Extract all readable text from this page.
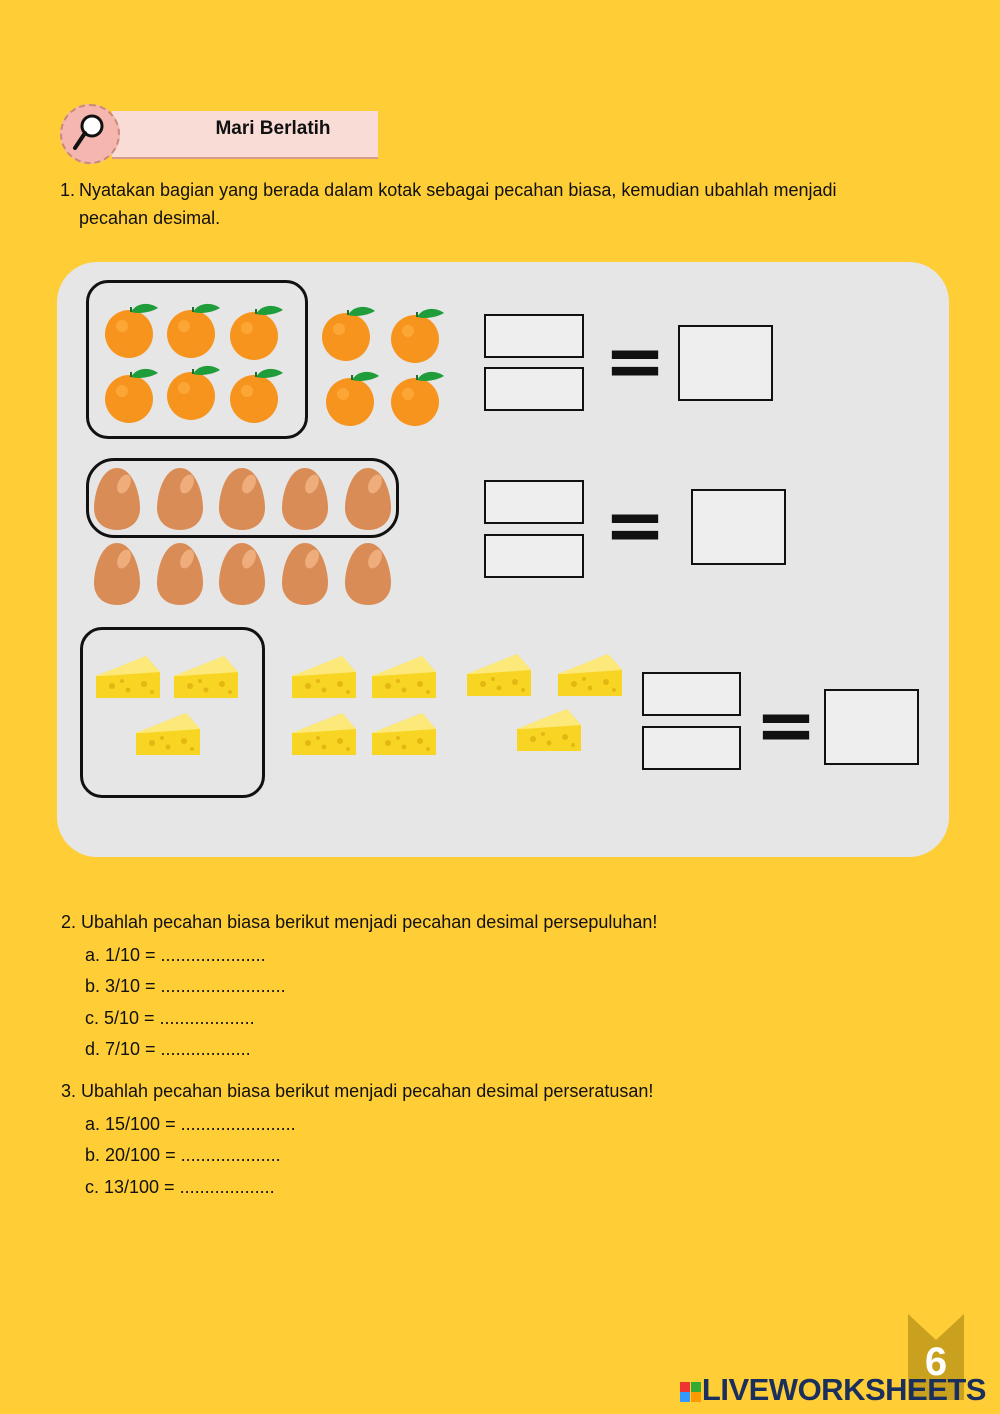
Mari Berlatih
1. Nyatakan bagian yang berada dalam kotak sebagai pecahan biasa, kemudian ubahlah menjadi pecahan desimal.
=
=
=
2. Ubahlah pecahan biasa berikut menjadi pecahan desimal persepuluhan!
a. 1/10 = .....................
b. 3/10 = .........................
c. 5/10 = ...................
d. 7/10 = ..................
3. Ubahlah pecahan biasa berikut menjadi pecahan desimal perseratusan!
a. 15/100 = .......................
b. 20/100 = ....................
c. 13/100 = ...................
6
LIVEWORKSHEETS
